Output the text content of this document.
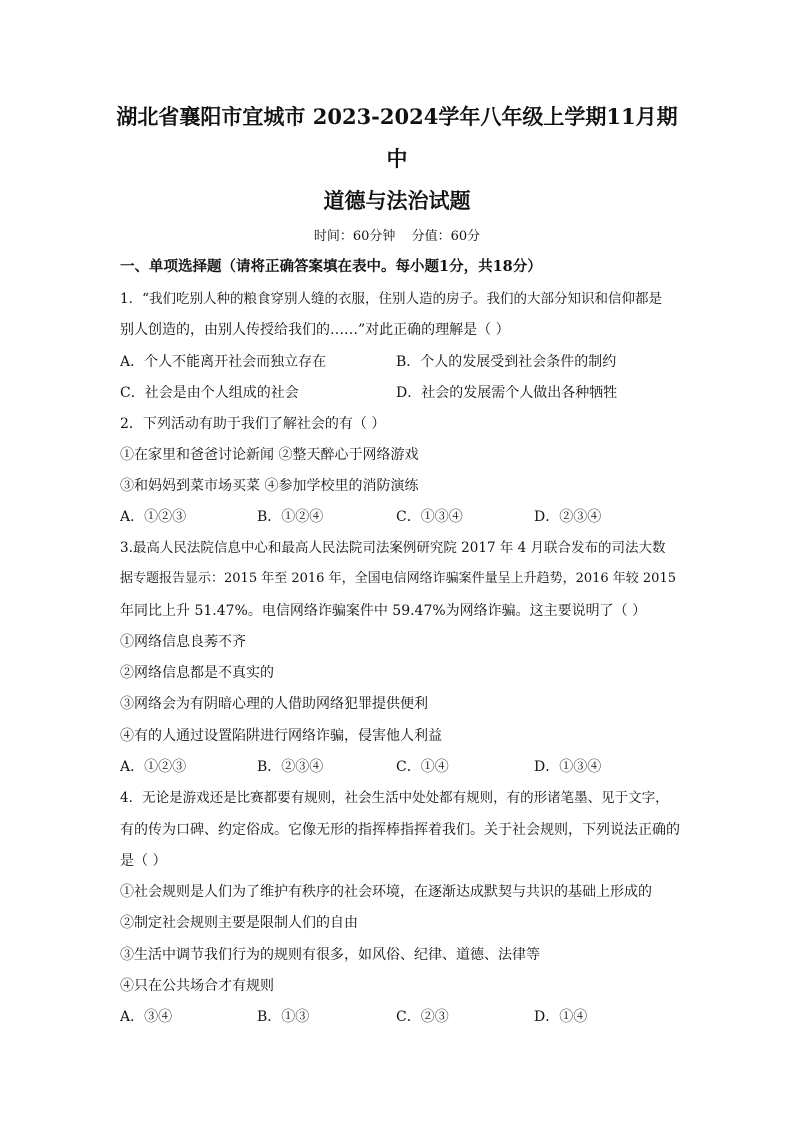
湖北省襄阳市宜城市 2023-2024学年八年级上学期11月期
中
道德与法治试题
时间：60分钟 分值：60分
一、单项选择题（请将正确答案填在表中。每小题1分，共18分）
1．“我们吃别人种的粮食穿别人缝的衣服，住别人造的房子。我们的大部分知识和信仰都是
别人创造的，由别人传授给我们的……”对此正确的理解是（ ）
A．个人不能离开社会而独立存在	B．个人的发展受到社会条件的制约
C．社会是由个人组成的社会	D．社会的发展需个人做出各种牺牲
2．下列活动有助于我们了解社会的有（ ）
①在家里和爸爸讨论新闻 ②整天醉心于网络游戏
③和妈妈到菜市场买菜 ④参加学校里的消防演练
A．①②③	B．①②④	C．①③④	D．②③④
3.最高人民法院信息中心和最高人民法院司法案例研究院 2017 年 4 月联合发布的司法大数
据专题报告显示：2015 年至 2016 年，全国电信网络诈骗案件量呈上升趋势，2016 年较 2015
年同比上升 51.47%。电信网络诈骗案件中 59.47%为网络诈骗。这主要说明了（ ）
①网络信息良莠不齐
②网络信息都是不真实的
③网络会为有阴暗心理的人借助网络犯罪提供便利
④有的人通过设置陷阱进行网络诈骗，侵害他人利益
A．①②③	B．②③④	C．①④	D．①③④
4．无论是游戏还是比赛都要有规则，社会生活中处处都有规则，有的形诸笔墨、见于文字，
有的传为口碑、约定俗成。它像无形的指挥棒指挥着我们。关于社会规则，下列说法正确的
是（ ）
①社会规则是人们为了维护有秩序的社会环境，在逐渐达成默契与共识的基础上形成的
②制定社会规则主要是限制人们的自由
③生活中调节我们行为的规则有很多，如风俗、纪律、道德、法律等
④只在公共场合才有规则
A．③④	B．①③	C．②③	D．①④
